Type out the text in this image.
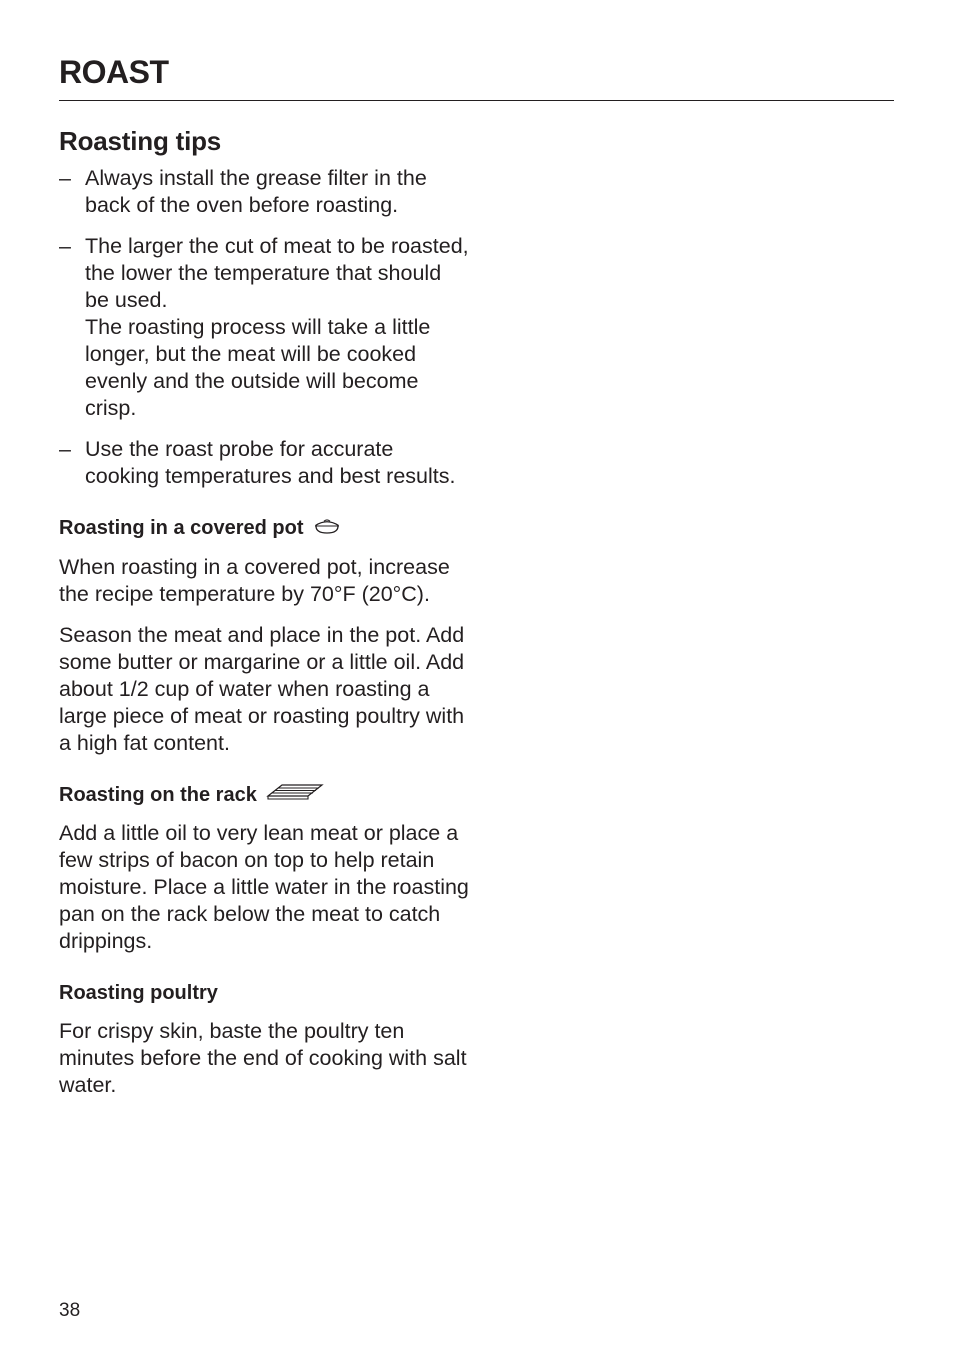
ROAST
Roasting tips
– Always install the grease filter in the back of the oven before roasting.

– The larger the cut of meat to be roasted, the lower the temperature that should be used.

The roasting process will take a little longer, but the meat will be cooked evenly and the outside will become crisp.

– Use the roast probe for accurate cooking temperatures and best results.

Roasting in a covered pot

When roasting in a covered pot, increase the recipe temperature by 70°F (20°C).

Season the meat and place in the pot. Add some butter or margarine or a little oil. Add about 1/2 cup of water when roasting a large piece of meat or roasting poultry with a high fat content.

Roasting on the rack

Add a little oil to very lean meat or place a few strips of bacon on top to help retain moisture. Place a little water in the roasting pan on the rack below the meat to catch drippings.

Roasting poultry

For crispy skin, baste the poultry ten minutes before the end of cooking with salt water.

38
